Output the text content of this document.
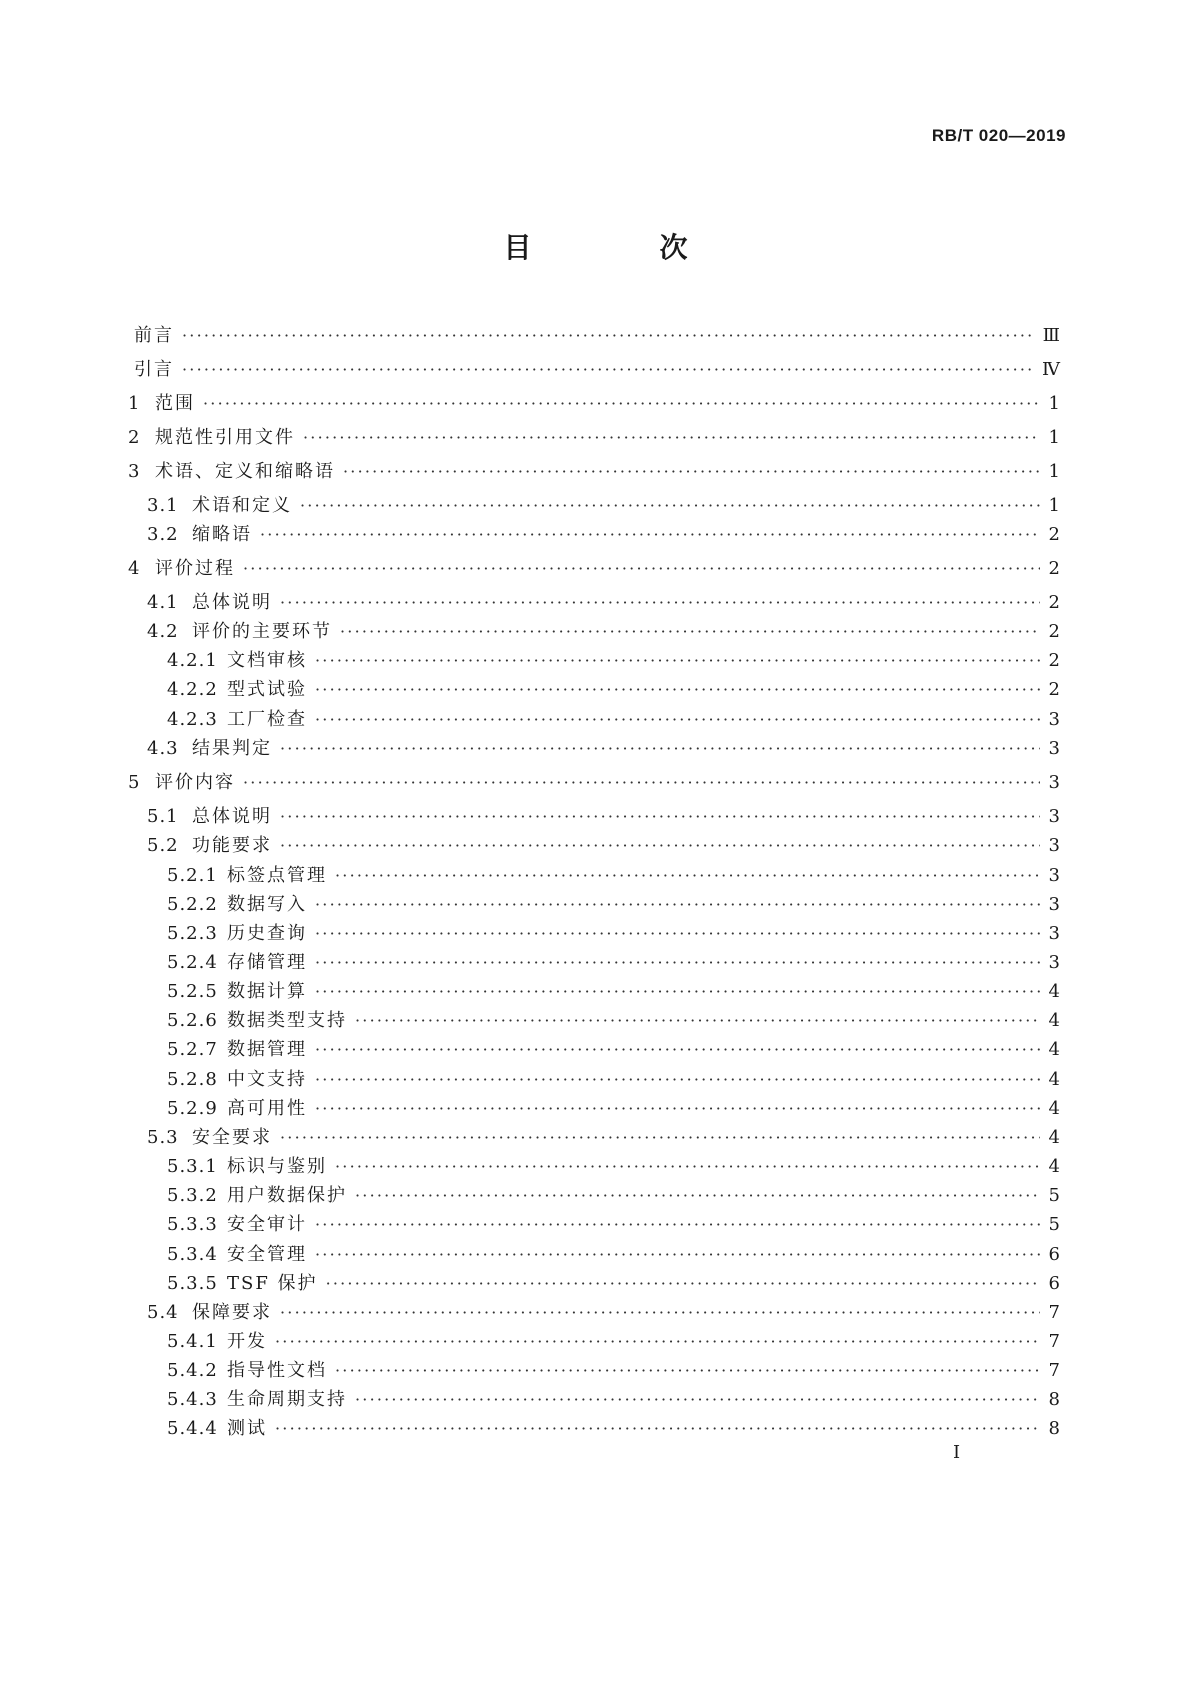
RB/T 020—2019
目　次
前言 ·····	Ⅲ
引言 ·····	Ⅳ
1 范围 ·····	1
2 规范性引用文件 ·····	1
3 术语、定义和缩略语 ·····	1
3.1 术语和定义 ·····	1
3.2 缩略语 ·····	2
4 评价过程 ·····	2
4.1 总体说明 ·····	2
4.2 评价的主要环节 ·····	2
4.2.1 文档审核 ·····	2
4.2.2 型式试验 ·····	2
4.2.3 工厂检查 ·····	3
4.3 结果判定 ·····	3
5 评价内容 ·····	3
5.1 总体说明 ·····	3
5.2 功能要求 ·····	3
5.2.1 标签点管理 ·····	3
5.2.2 数据写入 ·····	3
5.2.3 历史查询 ·····	3
5.2.4 存储管理 ·····	3
5.2.5 数据计算 ·····	4
5.2.6 数据类型支持 ·····	4
5.2.7 数据管理 ·····	4
5.2.8 中文支持 ·····	4
5.2.9 高可用性 ·····	4
5.3 安全要求 ·····	4
5.3.1 标识与鉴别 ·····	4
5.3.2 用户数据保护 ·····	5
5.3.3 安全审计 ·····	5
5.3.4 安全管理 ·····	6
5.3.5 TSF 保护 ·····	6
5.4 保障要求 ·····	7
5.4.1 开发 ·····	7
5.4.2 指导性文档 ·····	7
5.4.3 生命周期支持 ·····	8
5.4.4 测试 ·····	8
Ⅰ
